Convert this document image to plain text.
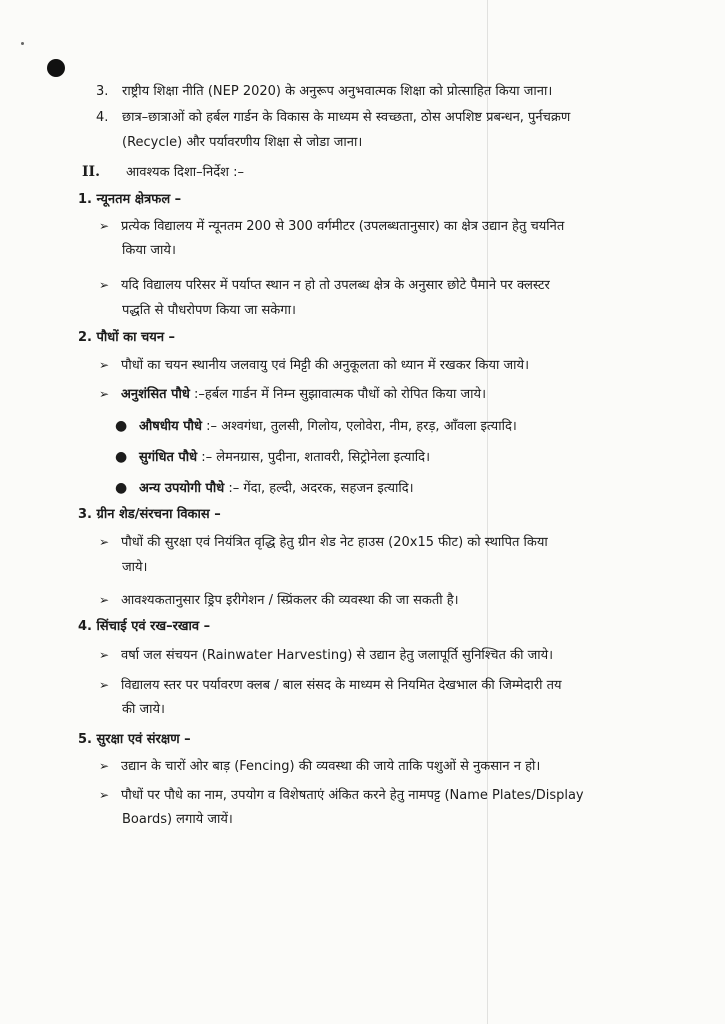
3. राष्ट्रीय शिक्षा नीति (NEP 2020) के अनुरूप अनुभवात्मक शिक्षा को प्रोत्साहित किया जाना।
4. छात्र–छात्राओं को हर्बल गार्डन के विकास के माध्यम से स्वच्छता, ठोस अपशिष्ट प्रबन्धन, पुर्नचक्रण
(Recycle) और पर्यावरणीय शिक्षा से जोडा जाना।
II. आवश्यक दिशा–निर्देश :–
1. न्यूनतम क्षेत्रफल –
➢ प्रत्येक विद्यालय में न्यूनतम 200 से 300 वर्गमीटर (उपलब्धतानुसार) का क्षेत्र उद्यान हेतु चयनित
किया जाये।
➢ यदि विद्यालय परिसर में पर्याप्त स्थान न हो तो उपलब्ध क्षेत्र के अनुसार छोटे पैमाने पर क्लस्टर
पद्धति से पौधरोपण किया जा सकेगा।
2. पौधों का चयन –
➢ पौधों का चयन स्थानीय जलवायु एवं मिट्टी की अनुकूलता को ध्यान में रखकर किया जाये।
➢ अनुशंसित पौधे :–हर्बल गार्डन में निम्न सुझावात्मक पौधों को रोपित किया जाये।
● औषधीय पौधे :– अश्वगंधा, तुलसी, गिलोय, एलोवेरा, नीम, हरड़, आँवला इत्यादि।
● सुगंधित पौधे :– लेमनग्रास, पुदीना, शतावरी, सिट्रोनेला इत्यादि।
● अन्य उपयोगी पौधे :– गेंदा, हल्दी, अदरक, सहजन इत्यादि।
3. ग्रीन शेड/संरचना विकास –
➢ पौधों की सुरक्षा एवं नियंत्रित वृद्धि हेतु ग्रीन शेड नेट हाउस (20x15 फीट) को स्थापित किया
जाये।
➢ आवश्यकतानुसार ड्रिप इरीगेशन / स्प्रिंकलर की व्यवस्था की जा सकती है।
4. सिंचाई एवं रख–रखाव –
➢ वर्षा जल संचयन (Rainwater Harvesting) से उद्यान हेतु जलापूर्ति सुनिश्चित की जाये।
➢ विद्यालय स्तर पर पर्यावरण क्लब / बाल संसद के माध्यम से नियमित देखभाल की जिम्मेदारी तय
की जाये।
5. सुरक्षा एवं संरक्षण –
➢ उद्यान के चारों ओर बाड़ (Fencing) की व्यवस्था की जाये ताकि पशुओं से नुकसान न हो।
➢ पौधों पर पौधे का नाम, उपयोग व विशेषताएं अंकित करने हेतु नामपट्ट (Name Plates/Display
Boards) लगाये जायें।
